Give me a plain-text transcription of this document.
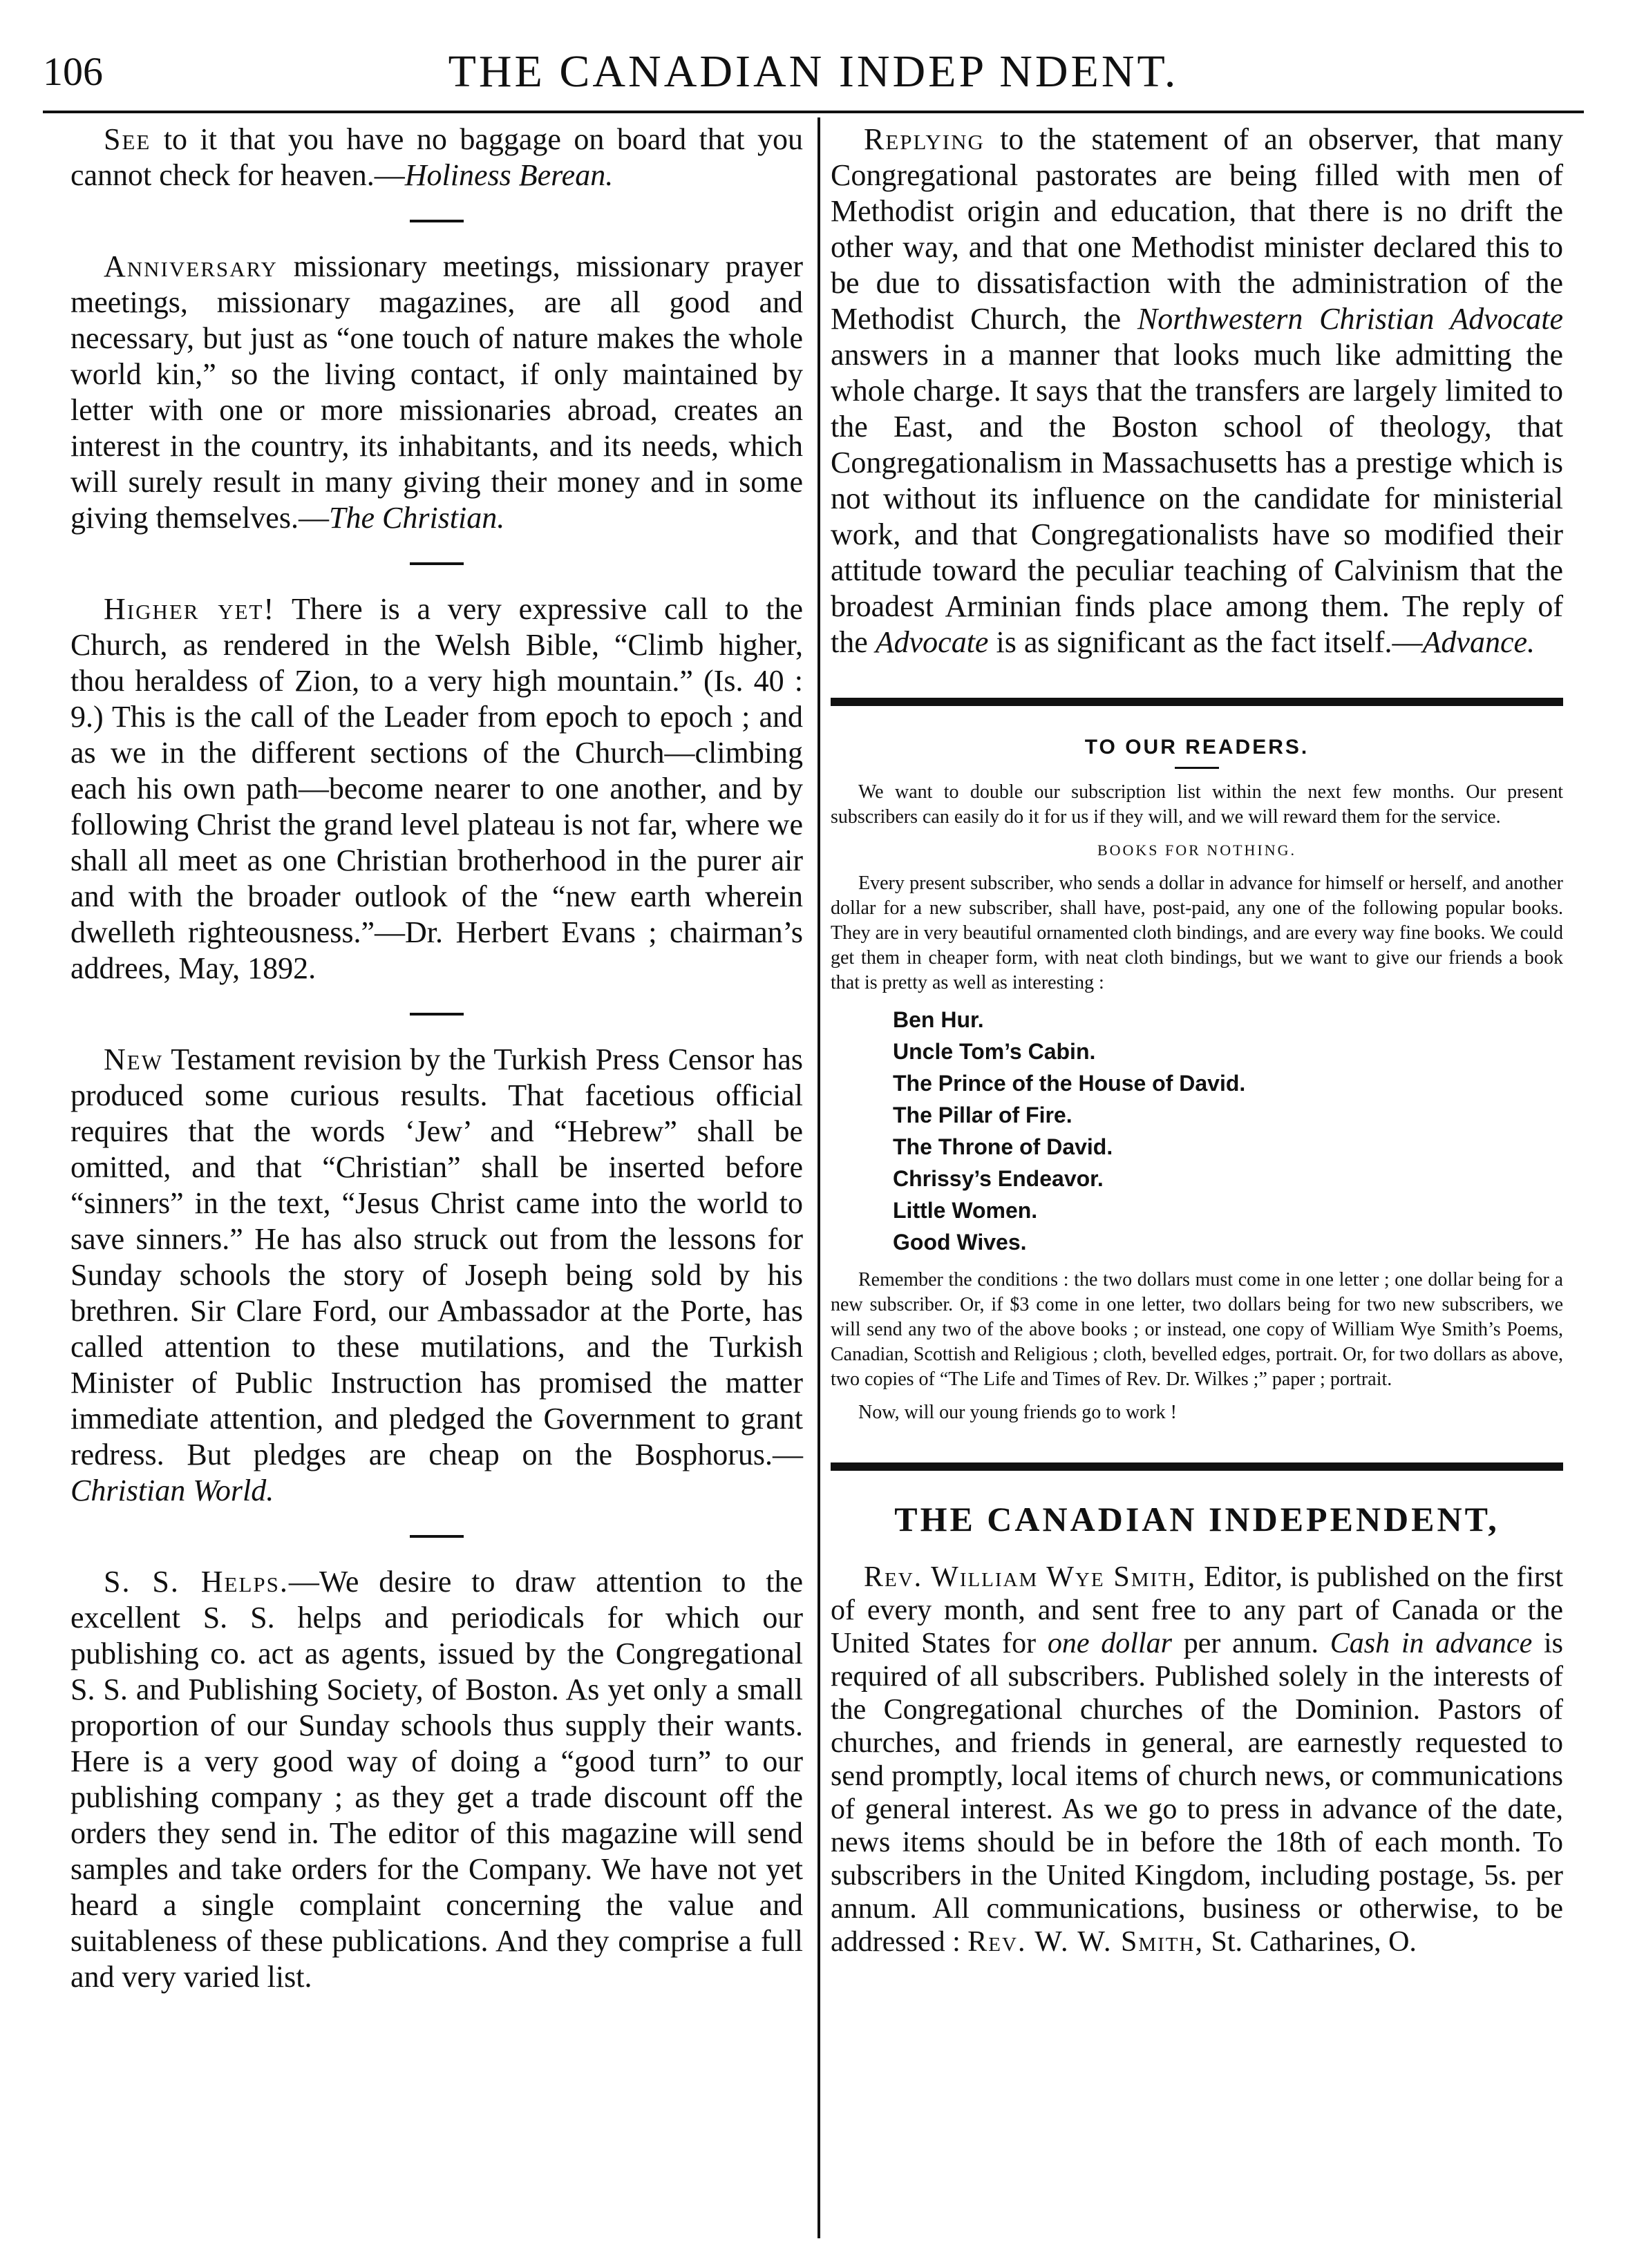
106	THE CANADIAN INDEP NDENT.

See to it that you have no baggage on board that you cannot check for heaven.—Holiness Berean.

Anniversary missionary meetings, missionary prayer meetings, missionary magazines, are all good and necessary, but just as “one touch of nature makes the whole world kin,” so the living contact, if only maintained by letter with one or more missionaries abroad, creates an interest in the country, its inhabitants, and its needs, which will surely result in many giving their money and in some giving themselves.—The Christian.

Higher yet! There is a very expressive call to the Church, as rendered in the Welsh Bible, “Climb higher, thou heraldess of Zion, to a very high mountain.” (Is. 40 : 9.) This is the call of the Leader from epoch to epoch ; and as we in the different sections of the Church—climbing each his own path—become nearer to one another, and by following Christ the grand level plateau is not far, where we shall all meet as one Christian brotherhood in the purer air and with the broader outlook of the “new earth wherein dwelleth righteousness.”—Dr. Herbert Evans ; chairman’s addrees, May, 1892.

New Testament revision by the Turkish Press Censor has produced some curious results. That facetious official requires that the words ‘Jew’ and “Hebrew” shall be omitted, and that “Christian” shall be inserted before “sinners” in the text, “Jesus Christ came into the world to save sinners.” He has also struck out from the lessons for Sunday schools the story of Joseph being sold by his brethren. Sir Clare Ford, our Ambassador at the Porte, has called attention to these mutilations, and the Turkish Minister of Public Instruction has promised the matter immediate attention, and pledged the Government to grant redress. But pledges are cheap on the Bosphorus.—Christian World.

S. S. Helps.—We desire to draw attention to the excellent S. S. helps and periodicals for which our publishing co. act as agents, issued by the Congregational S. S. and Publishing Society, of Boston. As yet only a small proportion of our Sunday schools thus supply their wants. Here is a very good way of doing a “good turn” to our publishing company ; as they get a trade discount off the orders they send in. The editor of this magazine will send samples and take orders for the Company. We have not yet heard a single complaint concerning the value and suitableness of these publications. And they comprise a full and very varied list.

Replying to the statement of an observer, that many Congregational pastorates are being filled with men of Methodist origin and education, that there is no drift the other way, and that one Methodist minister declared this to be due to dissatisfaction with the administration of the Methodist Church, the Northwestern Christian Advocate answers in a manner that looks much like admitting the whole charge. It says that the transfers are largely limited to the East, and the Boston school of theology, that Congregationalism in Massachusetts has a prestige which is not without its influence on the candidate for ministerial work, and that Congregationalists have so modified their attitude toward the peculiar teaching of Calvinism that the broadest Arminian finds place among them. The reply of the Advocate is as significant as the fact itself.—Advance.

TO OUR READERS.

We want to double our subscription list within the next few months. Our present subscribers can easily do it for us if they will, and we will reward them for the service.

BOOKS FOR NOTHING.

Every present subscriber, who sends a dollar in advance for himself or herself, and another dollar for a new subscriber, shall have, post-paid, any one of the following popular books. They are in very beautiful ornamented cloth bindings, and are every way fine books. We could get them in cheaper form, with neat cloth bindings, but we want to give our friends a book that is pretty as well as interesting :

Ben Hur.
Uncle Tom’s Cabin.
The Prince of the House of David.
The Pillar of Fire.
The Throne of David.
Chrissy’s Endeavor.
Little Women.
Good Wives.

Remember the conditions : the two dollars must come in one letter ; one dollar being for a new subscriber. Or, if $3 come in one letter, two dollars being for two new subscribers, we will send any two of the above books ; or instead, one copy of William Wye Smith’s Poems, Canadian, Scottish and Religious ; cloth, bevelled edges, portrait. Or, for two dollars as above, two copies of “The Life and Times of Rev. Dr. Wilkes ;” paper ; portrait.

Now, will our young friends go to work !

THE CANADIAN INDEPENDENT,

Rev. William Wye Smith, Editor, is published on the first of every month, and sent free to any part of Canada or the United States for one dollar per annum. Cash in advance is required of all subscribers. Published solely in the interests of the Congregational churches of the Dominion. Pastors of churches, and friends in general, are earnestly requested to send promptly, local items of church news, or communications of general interest. As we go to press in advance of the date, news items should be in before the 18th of each month. To subscribers in the United Kingdom, including postage, 5s. per annum. All communications, business or otherwise, to be addressed : Rev. W. W. Smith, St. Catharines, O.
